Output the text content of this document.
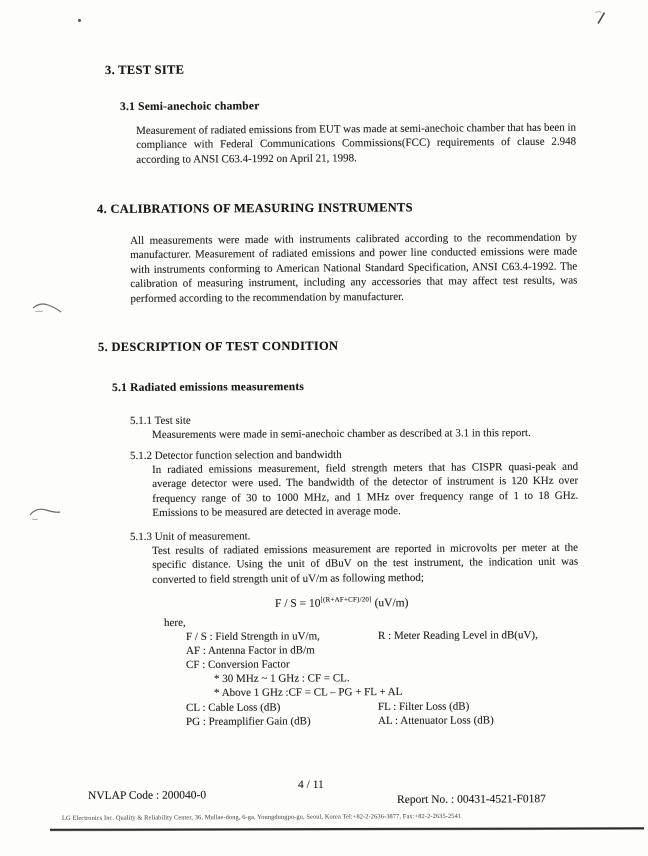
3. TEST SITE
3.1 Semi-anechoic chamber
Measurement of radiated emissions from EUT was made at semi-anechoic chamber that has been in compliance with Federal Communications Commissions(FCC) requirements of clause 2.948 according to ANSI C63.4-1992 on April 21, 1998.
4. CALIBRATIONS OF MEASURING INSTRUMENTS
All measurements were made with instruments calibrated according to the recommendation by manufacturer. Measurement of radiated emissions and power line conducted emissions were made with instruments conforming to American National Standard Specification, ANSI C63.4-1992. The calibration of measuring instrument, including any accessories that may affect test results, was performed according to the recommendation by manufacturer.
5. DESCRIPTION OF TEST CONDITION
5.1 Radiated emissions measurements
5.1.1 Test site
Measurements were made in semi-anechoic chamber as described at 3.1 in this report.
5.1.2 Detector function selection and bandwidth
In radiated emissions measurement, field strength meters that has CISPR quasi-peak and average detector were used. The bandwidth of the detector of instrument is 120 KHz over frequency range of 30 to 1000 MHz, and 1 MHz over frequency range of 1 to 18 GHz. Emissions to be measured are detected in average mode.
5.1.3 Unit of measurement.
Test results of radiated emissions measurement are reported in microvolts per meter at the specific distance. Using the unit of dBuV on the test instrument, the indication unit was converted to field strength unit of uV/m as following method;
F / S = 10[(R+AF+CF)/20] (uV/m)
here,
F / S : Field Strength in uV/m,	R : Meter Reading Level in dB(uV),
AF : Antenna Factor in dB/m
CF : Conversion Factor
* 30 MHz ~ 1 GHz : CF = CL.
* Above 1 GHz :CF = CL – PG + FL + AL
CL : Cable Loss (dB)	FL : Filter Loss (dB)
PG : Preamplifier Gain (dB)	AL : Attenuator Loss (dB)
4 / 11
NVLAP Code : 200040-0	Report No. : 00431-4521-F0187
LG Electronics Inc. Quality & Reliability Center, 36, Mullae-dong, 6-ga, Youngdungpo-gu, Seoul, Korea Tel:+82-2-2636-3877, Fax:+82-2-2635-2541
